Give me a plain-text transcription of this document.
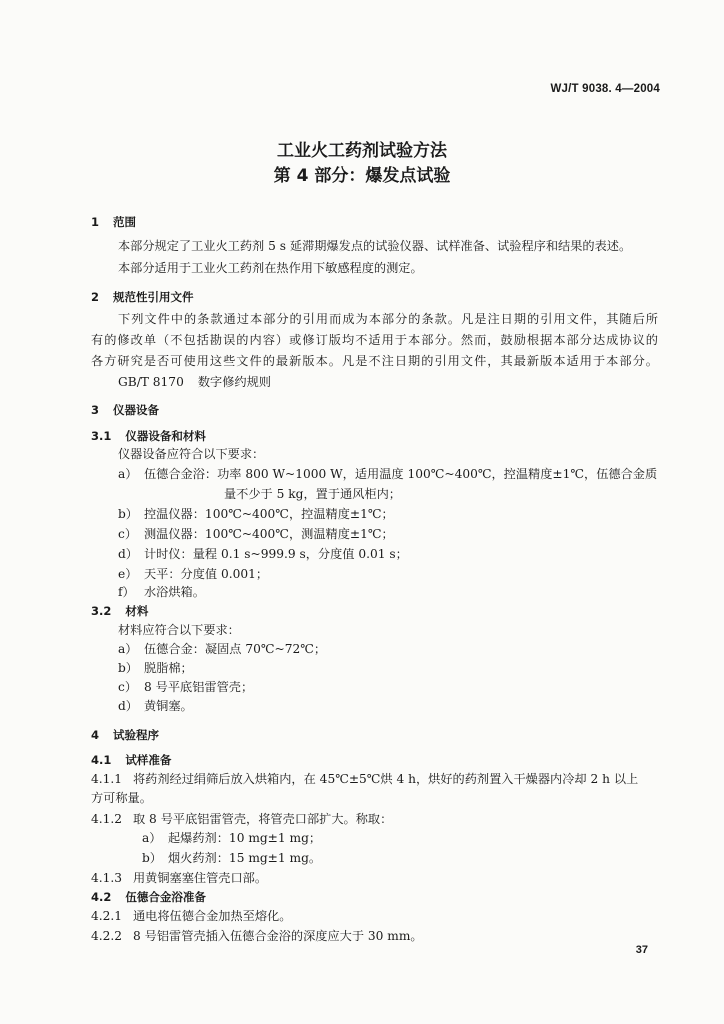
WJ/T 9038. 4—2004
工业火工药剂试验方法
第 4 部分：爆发点试验
1 范围
本部分规定了工业火工药剂 5 s 延滞期爆发点的试验仪器、试样准备、试验程序和结果的表述。
本部分适用于工业火工药剂在热作用下敏感程度的测定。
2 规范性引用文件
下列文件中的条款通过本部分的引用而成为本部分的条款。凡是注日期的引用文件，其随后所
有的修改单（不包括勘误的内容）或修订版均不适用于本部分。然而，鼓励根据本部分达成协议的
各方研究是否可使用这些文件的最新版本。凡是不注日期的引用文件，其最新版本适用于本部分。
GB/T 8170 数字修约规则
3 仪器设备
3.1 仪器设备和材料
仪器设备应符合以下要求：
a） 伍德合金浴：功率 800 W~1000 W，适用温度 100℃~400℃，控温精度±1℃，伍德合金质
量不少于 5 kg，置于通风柜内；
b） 控温仪器：100℃~400℃，控温精度±1℃；
c） 测温仪器：100℃~400℃，测温精度±1℃；
d） 计时仪：量程 0.1 s~999.9 s，分度值 0.01 s；
e） 天平：分度值 0.001；
f） 水浴烘箱。
3.2 材料
材料应符合以下要求：
a） 伍德合金：凝固点 70℃~72℃；
b） 脱脂棉；
c） 8 号平底铝雷管壳；
d） 黄铜塞。
4 试验程序
4.1 试样准备
4.1.1 将药剂经过绢筛后放入烘箱内，在 45℃±5℃烘 4 h，烘好的药剂置入干燥器内冷却 2 h 以上
方可称量。
4.1.2 取 8 号平底铝雷管壳，将管壳口部扩大。称取：
a） 起爆药剂：10 mg±1 mg；
b） 烟火药剂：15 mg±1 mg。
4.1.3 用黄铜塞塞住管壳口部。
4.2 伍德合金浴准备
4.2.1 通电将伍德合金加热至熔化。
4.2.2 8 号铝雷管壳插入伍德合金浴的深度应大于 30 mm。
37
